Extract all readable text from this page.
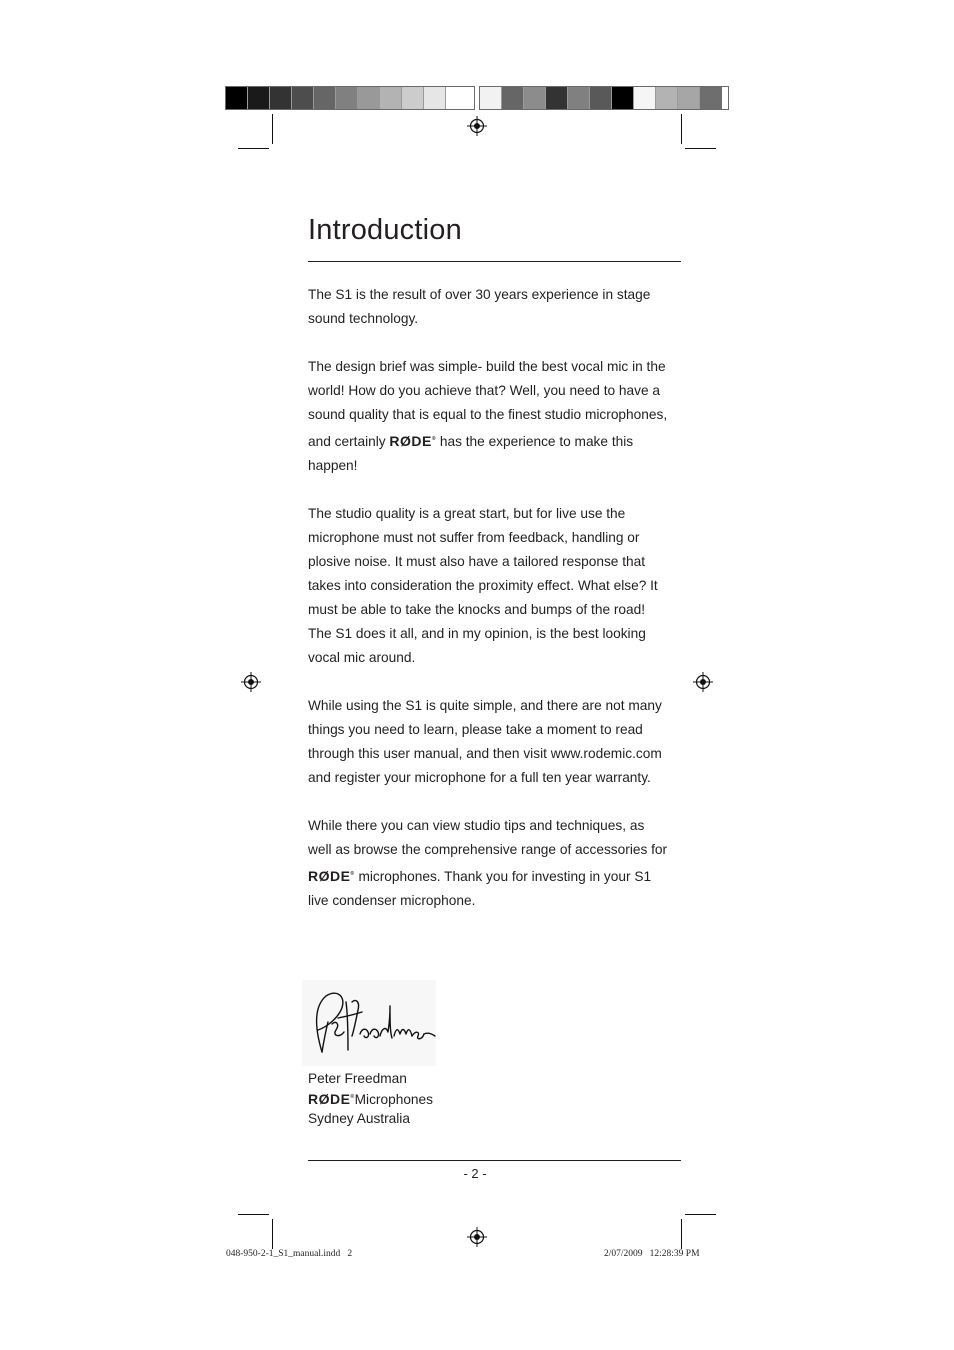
Introduction

The S1 is the result of over 30 years experience in stage sound technology.

The design brief was simple- build the best vocal mic in the world! How do you achieve that? Well, you need to have a sound quality that is equal to the finest studio microphones, and certainly RØDE® has the experience to make this happen!

The studio quality is a great start, but for live use the microphone must not suffer from feedback, handling or plosive noise. It must also have a tailored response that takes into consideration the proximity effect. What else? It must be able to take the knocks and bumps of the road! The S1 does it all, and in my opinion, is the best looking vocal mic around.

While using the S1 is quite simple, and there are not many things you need to learn, please take a moment to read through this user manual, and then visit www.rodemic.com and register your microphone for a full ten year warranty.

While there you can view studio tips and techniques, as well as browse the comprehensive range of accessories for RØDE® microphones. Thank you for investing in your S1 live condenser microphone.

Peter Freedman
RØDE®Microphones
Sydney Australia
- 2 -
048-950-2-1_S1_manual.indd   2	2/07/2009   12:28:39 PM
